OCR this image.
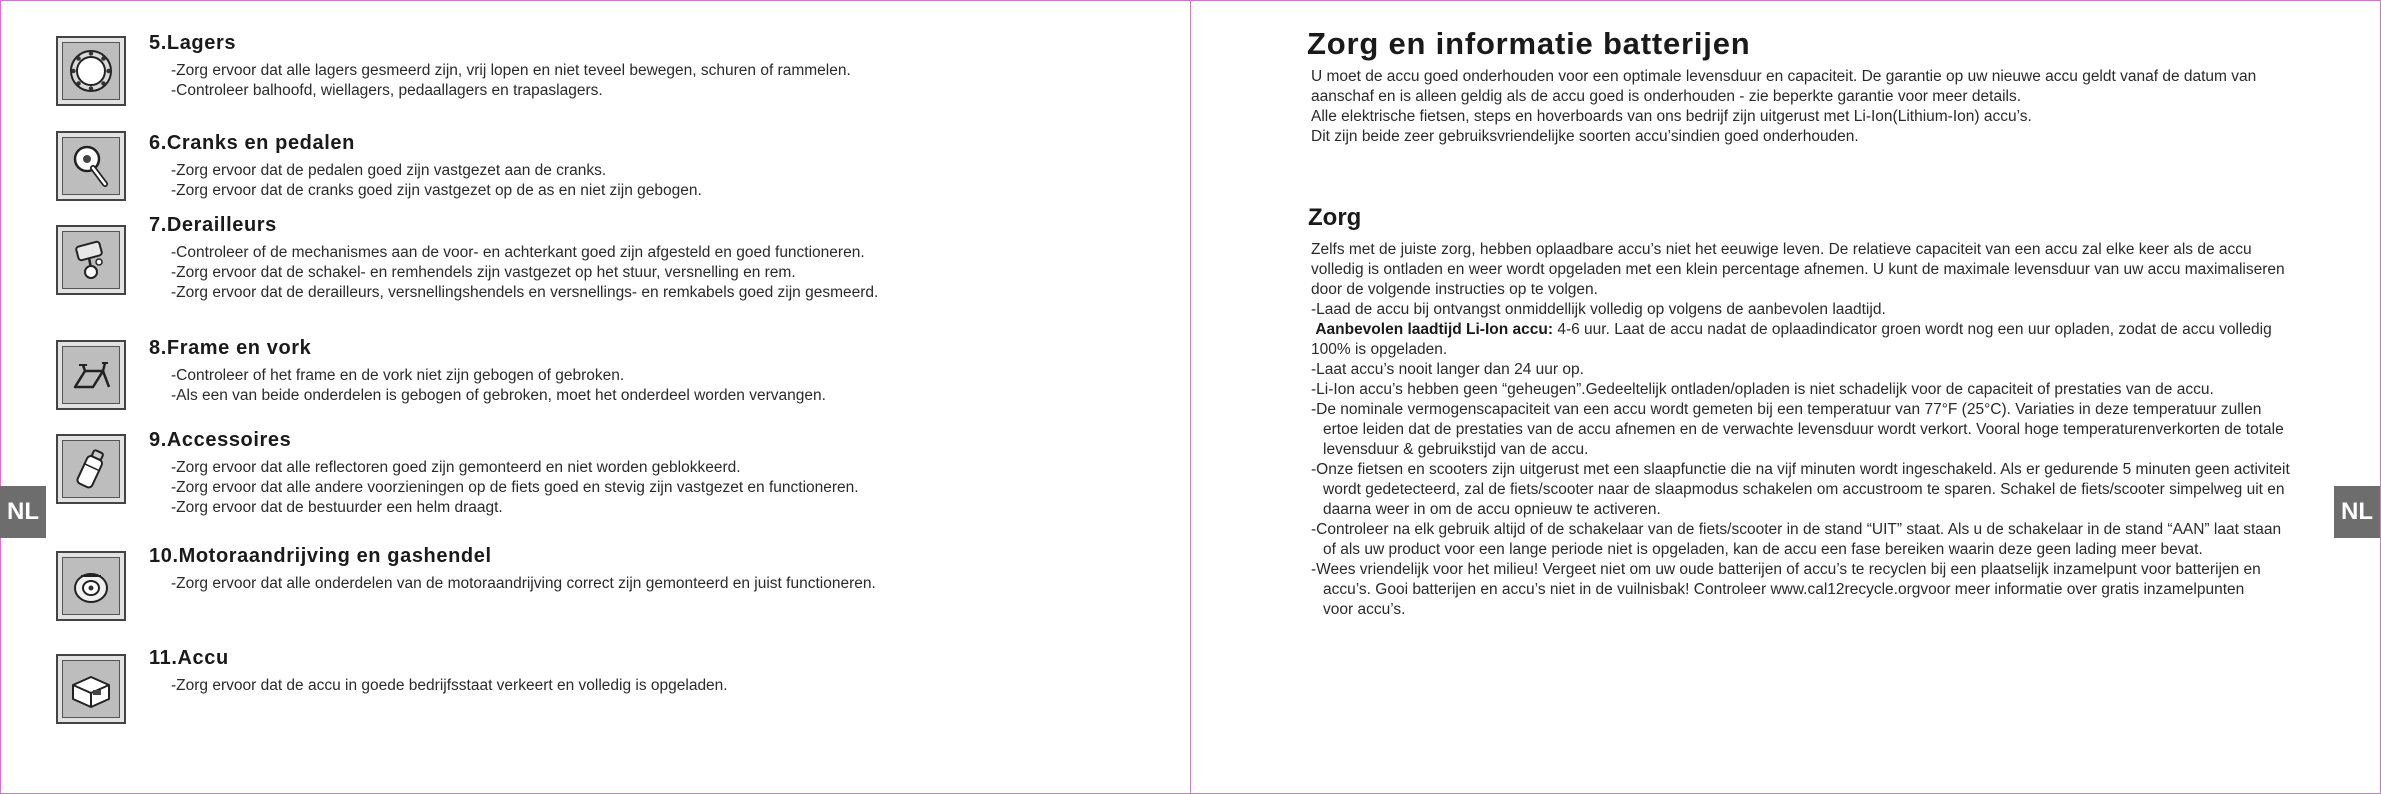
NL	NL
5.Lagers
-Zorg ervoor dat alle lagers gesmeerd zijn, vrij lopen en niet teveel bewegen, schuren of rammelen.
-Controleer balhoofd, wiellagers, pedaallagers en trapaslagers.
6.Cranks en pedalen
-Zorg ervoor dat de pedalen goed zijn vastgezet aan de cranks.
-Zorg ervoor dat de cranks goed zijn vastgezet op de as en niet zijn gebogen.
7.Derailleurs
-Controleer of de mechanismes aan de voor- en achterkant goed zijn afgesteld en goed functioneren.
-Zorg ervoor dat de schakel- en remhendels zijn vastgezet op het stuur, versnelling en rem.
-Zorg ervoor dat de derailleurs, versnellingshendels en versnellings- en remkabels goed zijn gesmeerd.
8.Frame en vork
-Controleer of het frame en de vork niet zijn gebogen of gebroken.
-Als een van beide onderdelen is gebogen of gebroken, moet het onderdeel worden vervangen.
9.Accessoires
-Zorg ervoor dat alle reflectoren goed zijn gemonteerd en niet worden geblokkeerd.
-Zorg ervoor dat alle andere voorzieningen op de fiets goed en stevig zijn vastgezet en functioneren.
-Zorg ervoor dat de bestuurder een helm draagt.
10.Motoraandrijving en gashendel
-Zorg ervoor dat alle onderdelen van de motoraandrijving correct zijn gemonteerd en juist functioneren.
11.Accu
-Zorg ervoor dat de accu in goede bedrijfsstaat verkeert en volledig is opgeladen.
Zorg en informatie batterijen

U moet de accu goed onderhouden voor een optimale levensduur en capaciteit. De garantie op uw nieuwe accu geldt vanaf de datum van

aanschaf en is alleen geldig als de accu goed is onderhouden - zie beperkte garantie voor meer details.

Alle elektrische fietsen, steps en hoverboards van ons bedrijf zijn uitgerust met Li-Ion(Lithium-Ion) accu’s.

Dit zijn beide zeer gebruiksvriendelijke soorten accu’sindien goed onderhouden.

Zorg

Zelfs met de juiste zorg, hebben oplaadbare accu’s niet het eeuwige leven. De relatieve capaciteit van een accu zal elke keer als de accu

volledig is ontladen en weer wordt opgeladen met een klein percentage afnemen. U kunt de maximale levensduur van uw accu maximaliseren

door de volgende instructies op te volgen.

-Laad de accu bij ontvangst onmiddellijk volledig op volgens de aanbevolen laadtijd.

Aanbevolen laadtijd Li-Ion accu: 4-6 uur. Laat de accu nadat de oplaadindicator groen wordt nog een uur opladen, zodat de accu volledig

100% is opgeladen.

-Laat accu’s nooit langer dan 24 uur op.

-Li-Ion accu’s hebben geen “geheugen”.Gedeeltelijk ontladen/opladen is niet schadelijk voor de capaciteit of prestaties van de accu.

-De nominale vermogenscapaciteit van een accu wordt gemeten bij een temperatuur van 77°F (25°C). Variaties in deze temperatuur zullen

ertoe leiden dat de prestaties van de accu afnemen en de verwachte levensduur wordt verkort. Vooral hoge temperaturenverkorten de totale

levensduur & gebruikstijd van de accu.

-Onze fietsen en scooters zijn uitgerust met een slaapfunctie die na vijf minuten wordt ingeschakeld. Als er gedurende 5 minuten geen activiteit

wordt gedetecteerd, zal de fiets/scooter naar de slaapmodus schakelen om accustroom te sparen. Schakel de fiets/scooter simpelweg uit en

daarna weer in om de accu opnieuw te activeren.

-Controleer na elk gebruik altijd of de schakelaar van de fiets/scooter in de stand “UIT” staat. Als u de schakelaar in de stand “AAN” laat staan

of als uw product voor een lange periode niet is opgeladen, kan de accu een fase bereiken waarin deze geen lading meer bevat.

-Wees vriendelijk voor het milieu! Vergeet niet om uw oude batterijen of accu’s te recyclen bij een plaatselijk inzamelpunt voor batterijen en

accu’s. Gooi batterijen en accu’s niet in de vuilnisbak! Controleer www.cal12recycle.orgvoor meer informatie over gratis inzamelpunten

voor accu’s.
